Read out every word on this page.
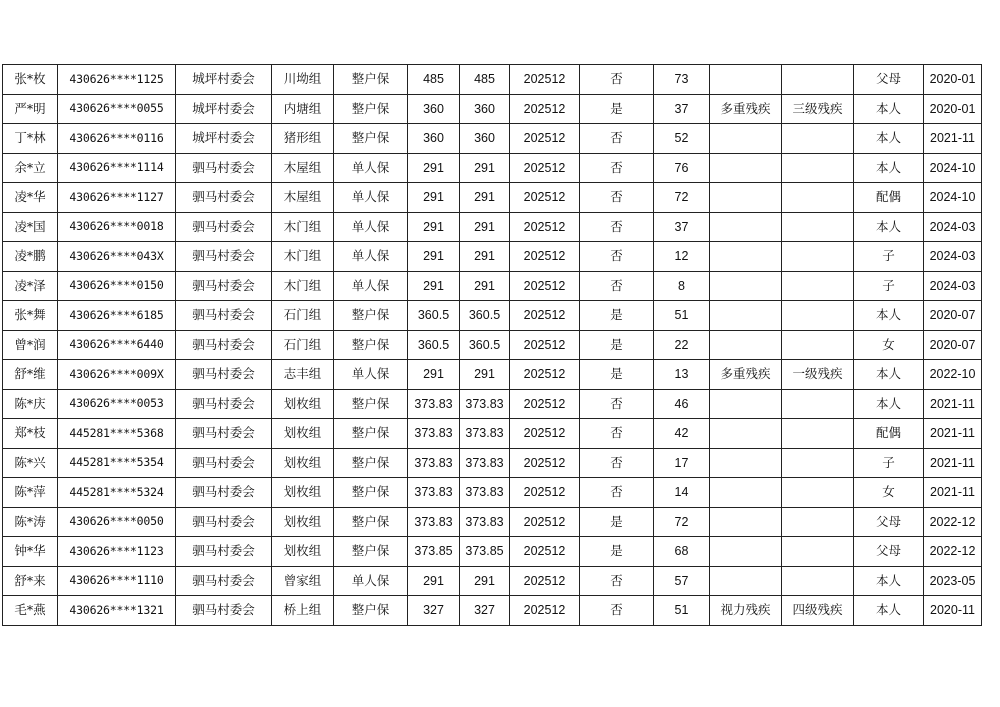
张*枚	430626****1125	城坪村委会	川坳组	整户保	485	485	202512	否	73			父母	2020-01
严*明	430626****0055	城坪村委会	内塘组	整户保	360	360	202512	是	37	多重残疾	三级残疾	本人	2020-01
丁*林	430626****0116	城坪村委会	猪形组	整户保	360	360	202512	否	52			本人	2021-11
余*立	430626****1114	驷马村委会	木屋组	单人保	291	291	202512	否	76			本人	2024-10
凌*华	430626****1127	驷马村委会	木屋组	单人保	291	291	202512	否	72			配偶	2024-10
凌*国	430626****0018	驷马村委会	木门组	单人保	291	291	202512	否	37			本人	2024-03
凌*鹏	430626****043X	驷马村委会	木门组	单人保	291	291	202512	否	12			子	2024-03
凌*泽	430626****0150	驷马村委会	木门组	单人保	291	291	202512	否	8			子	2024-03
张*舞	430626****6185	驷马村委会	石门组	整户保	360.5	360.5	202512	是	51			本人	2020-07
曾*润	430626****6440	驷马村委会	石门组	整户保	360.5	360.5	202512	是	22			女	2020-07
舒*维	430626****009X	驷马村委会	志丰组	单人保	291	291	202512	是	13	多重残疾	一级残疾	本人	2022-10
陈*庆	430626****0053	驷马村委会	划枚组	整户保	373.83	373.83	202512	否	46			本人	2021-11
郑*枝	445281****5368	驷马村委会	划枚组	整户保	373.83	373.83	202512	否	42			配偶	2021-11
陈*兴	445281****5354	驷马村委会	划枚组	整户保	373.83	373.83	202512	否	17			子	2021-11
陈*萍	445281****5324	驷马村委会	划枚组	整户保	373.83	373.83	202512	否	14			女	2021-11
陈*涛	430626****0050	驷马村委会	划枚组	整户保	373.83	373.83	202512	是	72			父母	2022-12
钟*华	430626****1123	驷马村委会	划枚组	整户保	373.85	373.85	202512	是	68			父母	2022-12
舒*来	430626****1110	驷马村委会	曾家组	单人保	291	291	202512	否	57			本人	2023-05
毛*燕	430626****1321	驷马村委会	桥上组	整户保	327	327	202512	否	51	视力残疾	四级残疾	本人	2020-11
